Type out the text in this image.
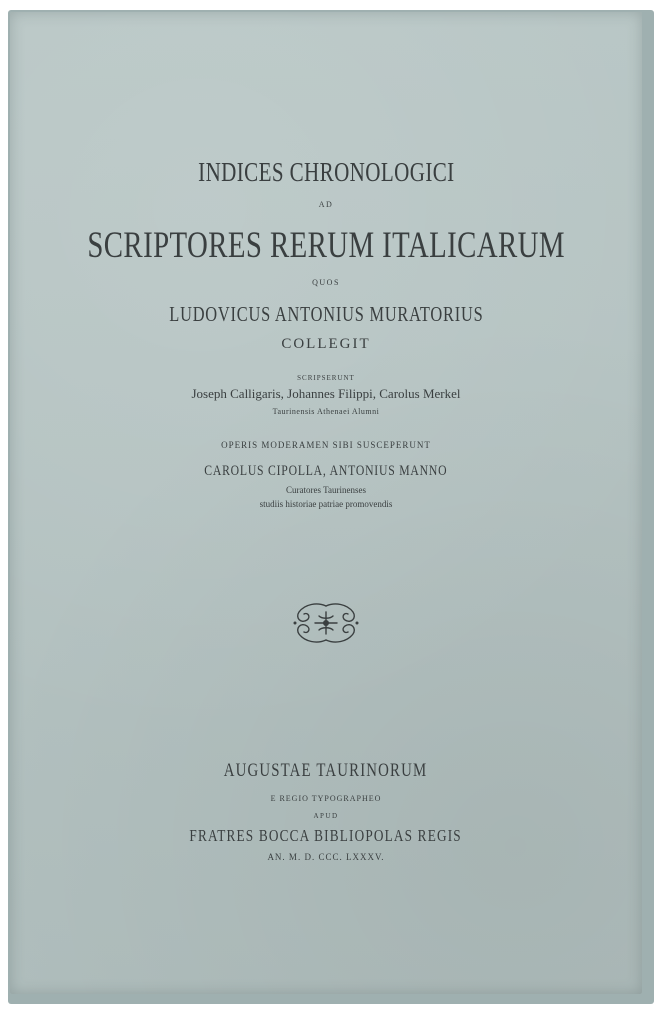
INDICES CHRONOLOGICI
AD
SCRIPTORES RERUM ITALICARUM
QUOS
LUDOVICUS ANTONIUS MURATORIUS
COLLEGIT
SCRIPSERUNT
Joseph Calligaris, Johannes Filippi, Carolus Merkel
Taurinensis Athenaei Alumni
OPERIS MODERAMEN SIBI SUSCEPERUNT
CAROLUS CIPOLLA, ANTONIUS MANNO
Curatores Taurinenses
studiis historiae patriae promovendis
AUGUSTAE TAURINORUM
E REGIO TYPOGRAPHEO
APUD
FRATRES BOCCA BIBLIOPOLAS REGIS
AN. M. D. CCC. LXXXV.
